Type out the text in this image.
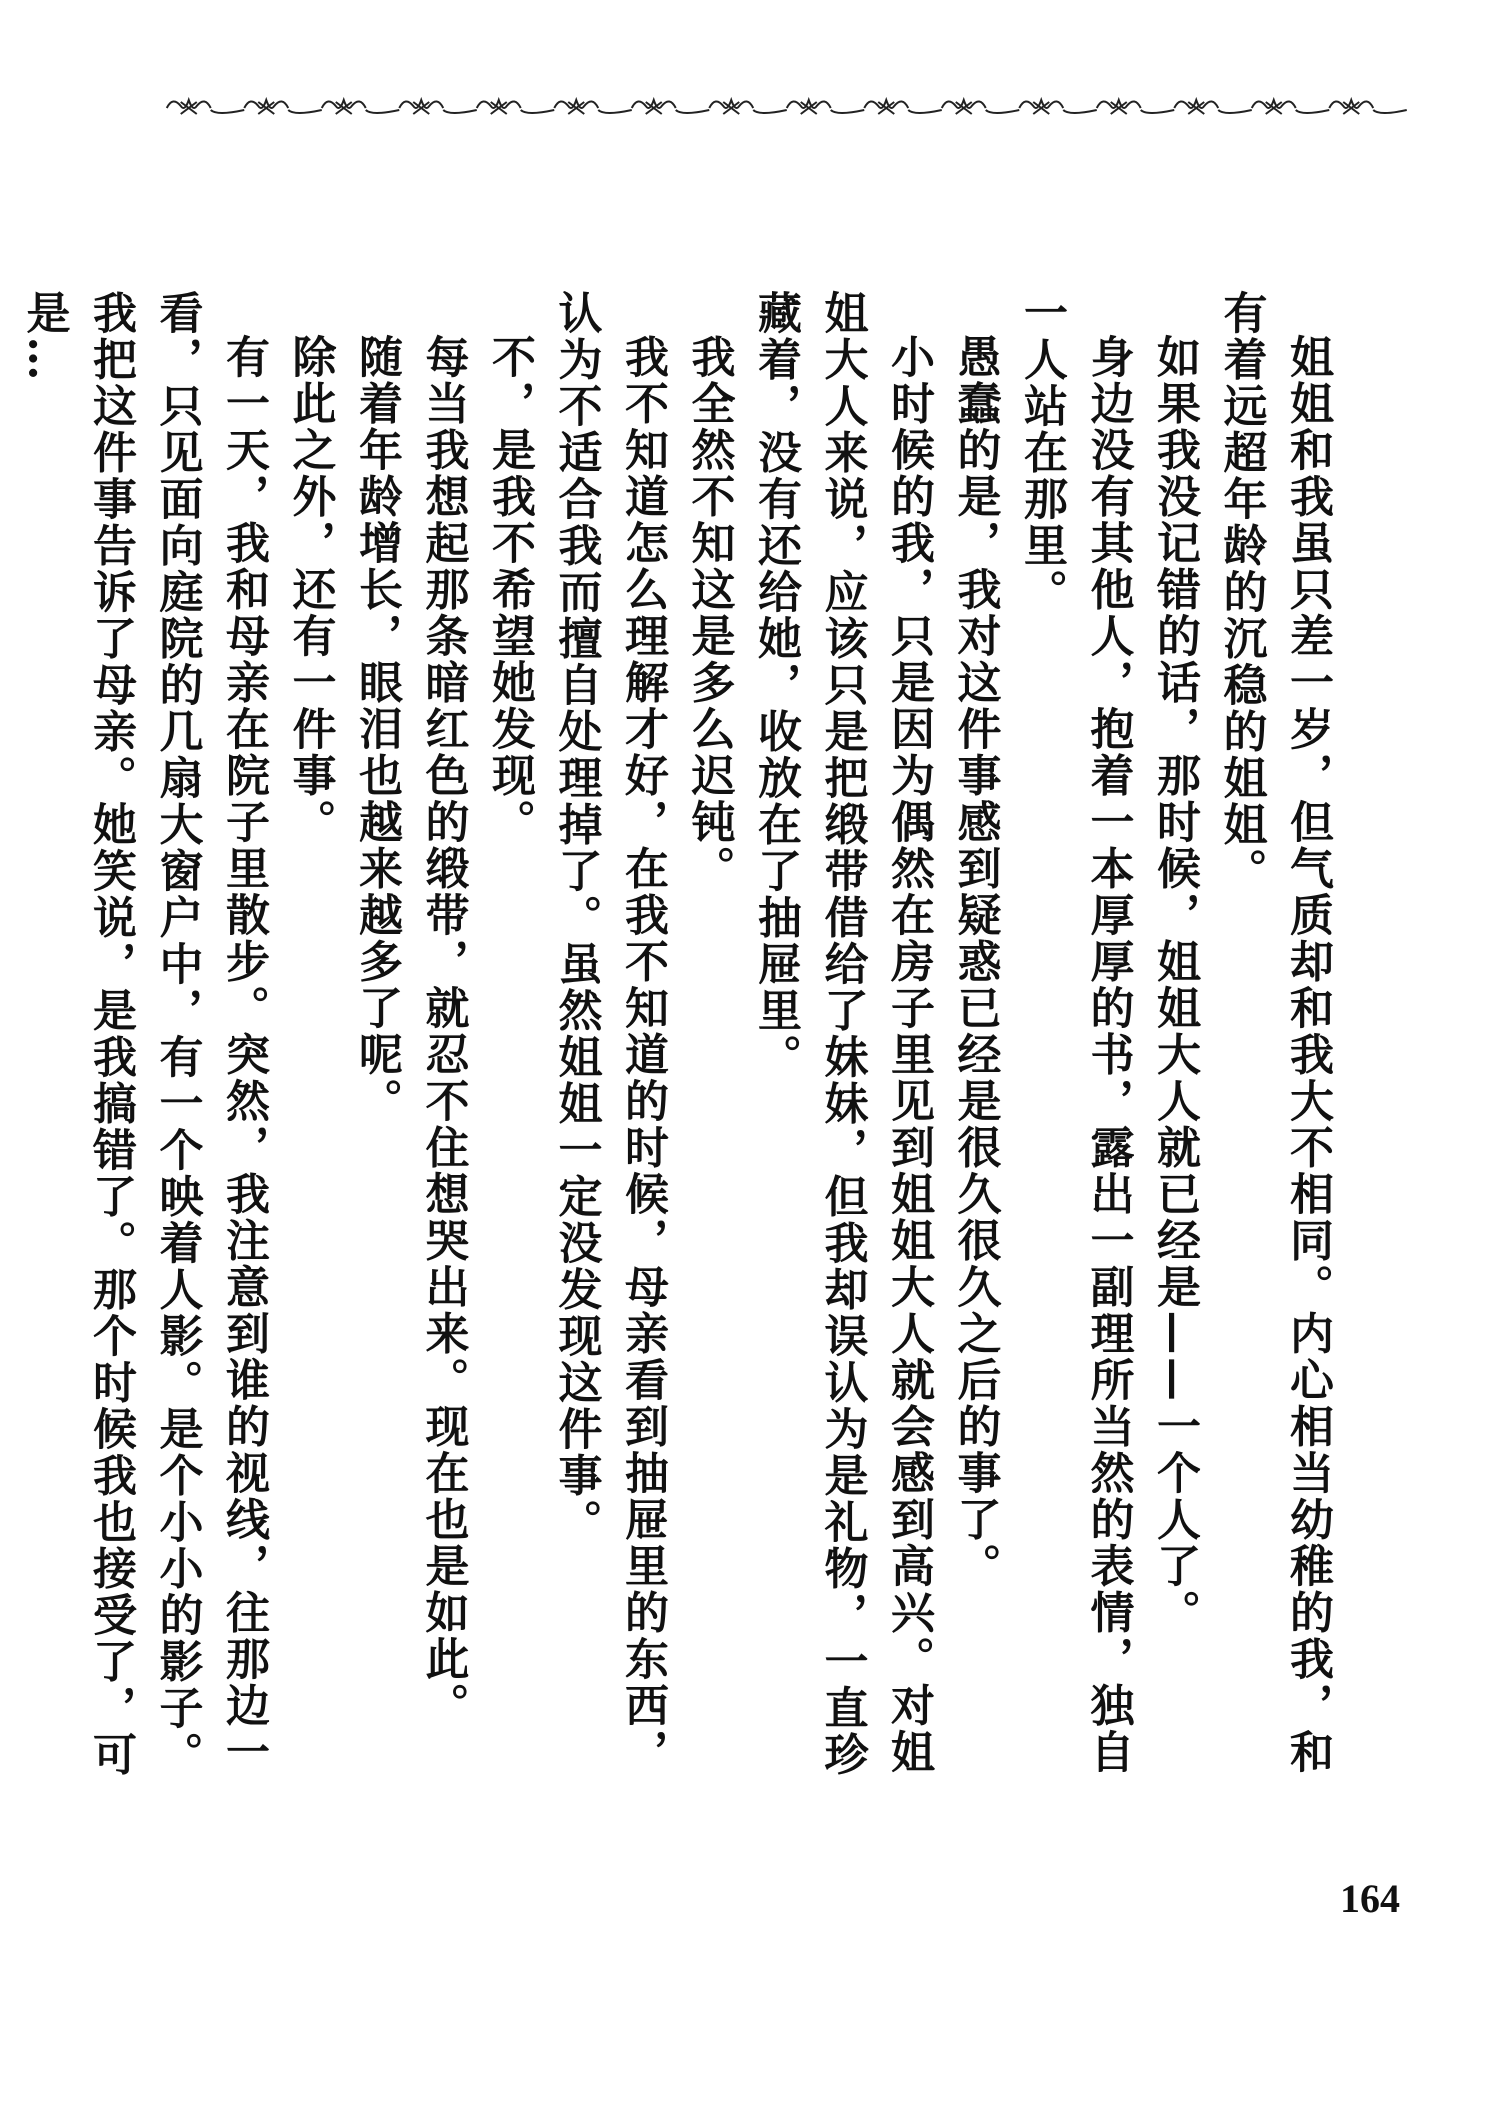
姐姐和我虽只差一岁，但气质却和我大不相同。内心相当幼稚的我，和有着远超年龄的沉稳的姐姐。

如果我没记错的话，那时候，姐姐大人就已经是——一个人了。

身边没有其他人，抱着一本厚厚的书，露出一副理所当然的表情，独自一人站在那里。

愚蠢的是，我对这件事感到疑惑已经是很久很久之后的事了。

小时候的我，只是因为偶然在房子里见到姐姐大人就会感到高兴。对姐姐大人来说，应该只是把缎带借给了妹妹，但我却误认为是礼物，一直珍藏着，没有还给她，收放在了抽屉里。

我全然不知这是多么迟钝。

我不知道怎么理解才好，在我不知道的时候，母亲看到抽屉里的东西，认为不适合我而擅自处理掉了。虽然姐姐一定没发现这件事。

不，是我不希望她发现。

每当我想起那条暗红色的缎带，就忍不住想哭出来。现在也是如此。

随着年龄增长，眼泪也越来越多了呢。

除此之外，还有一件事。

有一天，我和母亲在院子里散步。突然，我注意到谁的视线，往那边一看，只见面向庭院的几扇大窗户中，有一个映着人影。是个小小的影子。我把这件事告诉了母亲。她笑说，是我搞错了。那个时候我也接受了，可是…

164
